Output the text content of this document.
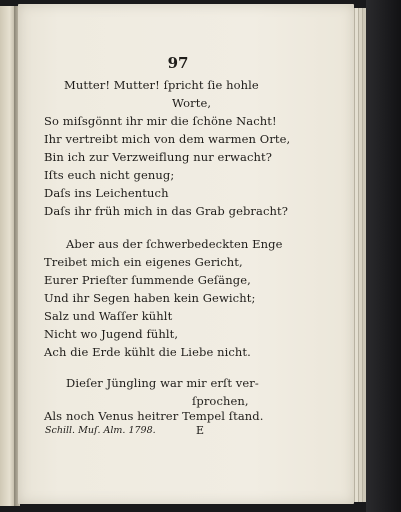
97

Mutter! Mutter! ſpricht ſie hohle

Worte,

So miſsgönnt ihr mir die ſchöne Nacht!

Ihr vertreibt mich von dem warmen Orte,

Bin ich zur Verzweiflung nur erwacht?

Iſts euch nicht genug;

Daſs ins Leichentuch

Daſs ihr früh mich in das Grab gebracht?

Aber aus der ſchwerbedeckten Enge

Treibet mich ein eigenes Gericht,

Eurer Prieſter ſummende Geſänge,

Und ihr Segen haben kein Gewicht;

Salz und Waſſer kühlt

Nicht wo Jugend fühlt,

Ach die Erde kühlt die Liebe nicht.

Dieſer Jüngling war mir erſt ver-

ſprochen,

Als noch Venus heitrer Tempel ſtand.

Schill. Muſ. Alm. 1798.	E
